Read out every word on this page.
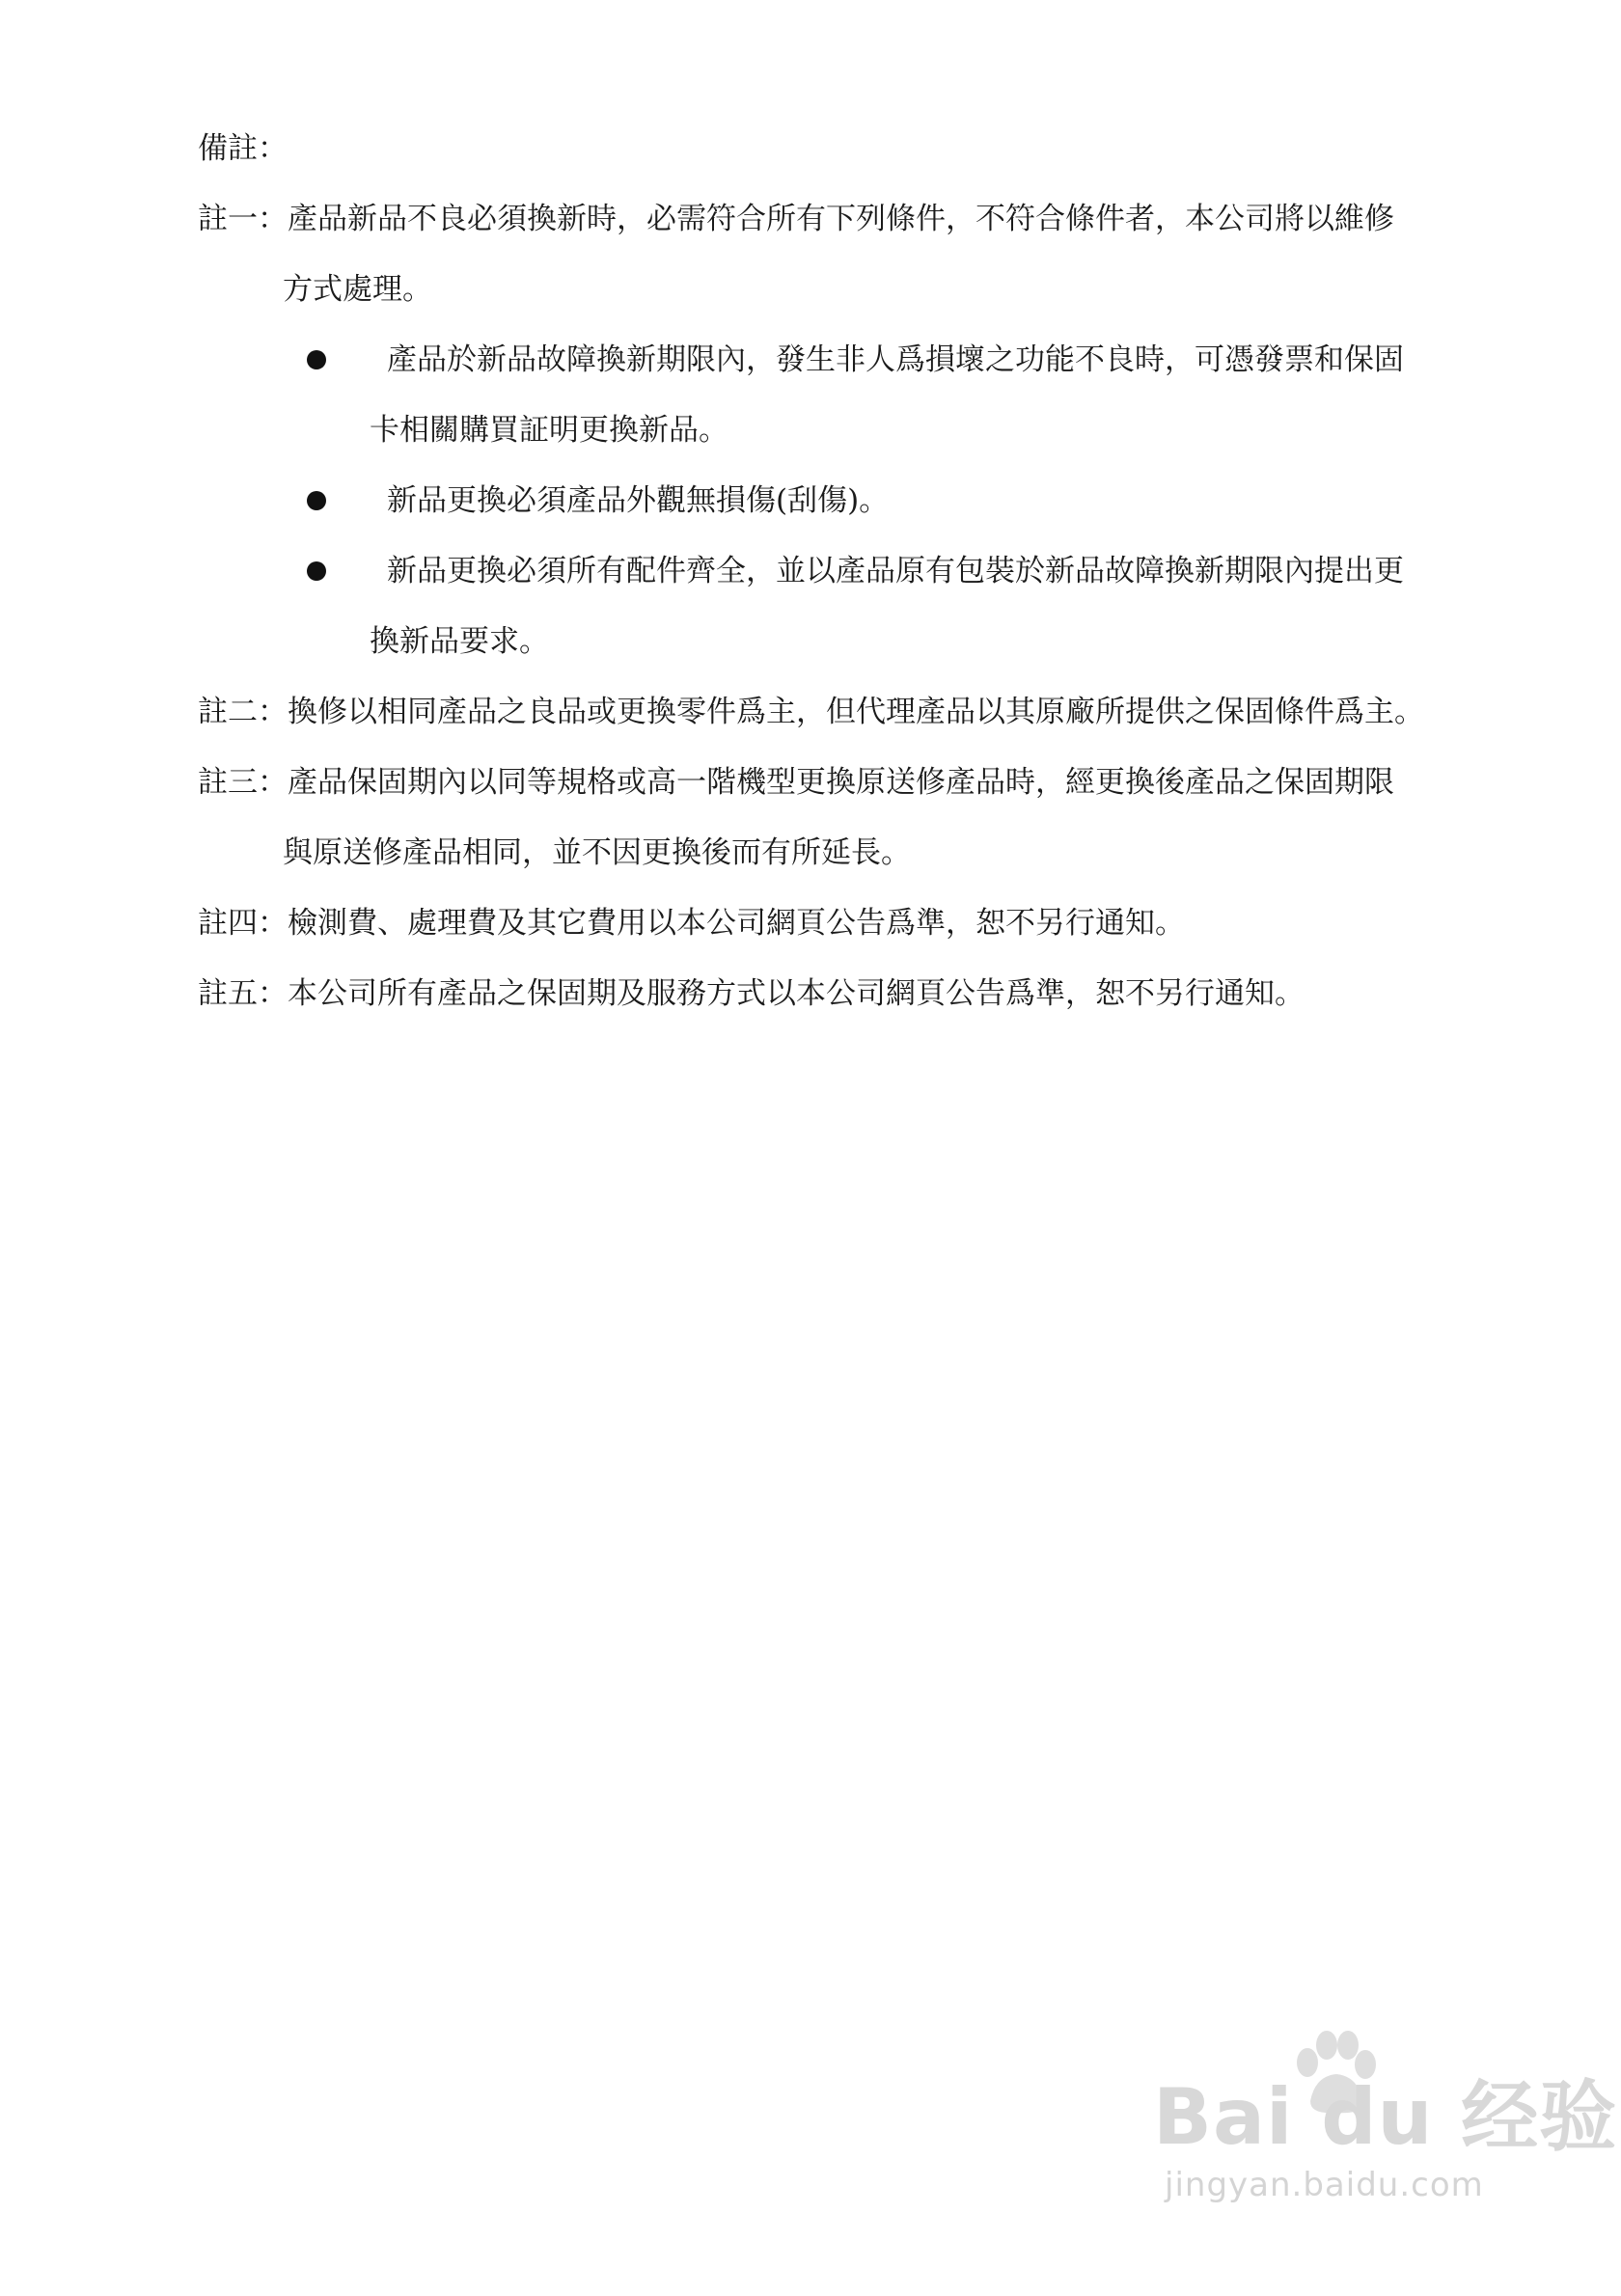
備註：
註一： 產品新品不良必須換新時，必需符合所有下列條件，不符合條件者，本公司將以維修
方式處理。
產品於新品故障換新期限內，發生非人爲損壞之功能不良時，可憑發票和保固
卡相關購買証明更換新品。
新品更換必須產品外觀無損傷(刮傷)。
新品更換必須所有配件齊全，並以產品原有包裝於新品故障換新期限內提出更
換新品要求。
註二： 換修以相同產品之良品或更換零件爲主，但代理產品以其原廠所提供之保固條件爲主。
註三： 產品保固期內以同等規格或高一階機型更換原送修產品時，經更換後產品之保固期限
與原送修產品相同，並不因更換後而有所延長。
註四： 檢測費、處理費及其它費用以本公司網頁公告爲準，恕不另行通知。
註五： 本公司所有產品之保固期及服務方式以本公司網頁公告爲準，恕不另行通知。
Bai du 经验
jingyan.baidu.com
